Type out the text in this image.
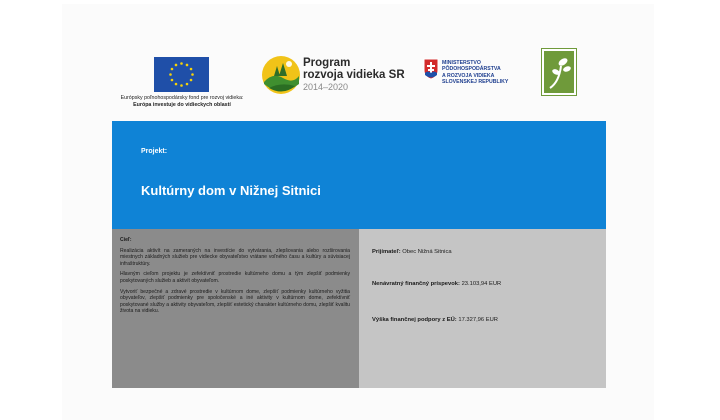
Európsky poľnohospodársky fond pre rozvoj vidieka:
Európa investuje do vidieckych oblastí
Program
rozvoja vidieka SR
2014–2020
MINISTERSTVO
PÔDOHOSPODÁRSTVA
A ROZVOJA VIDIEKA
SLOVENSKEJ REPUBLIKY
Projekt:
Kultúrny dom v Nižnej Sitnici
Cieľ:

Realizácia aktivít na zameraných na investície do vytvárania, zlepšovania alebo rozširovania miestnych základných služieb pre vidiecke obyvateľstvo vrátane voľného času a kultúry a súvisiacej infraštruktúry.

Hlavným cieľom projektu je zefektívniť prostredie kultúrneho domu a tým zlepšiť podmienky poskytovaných služieb a aktivít obyvateľom.

Vytvoriť bezpečné a zdravé prostredie v kultúrnom dome, zlepšiť podmienky kultúrneho vyžitia obyvateľov, zlepšiť podmienky pre spoločenské a iné aktivity v kultúrnom dome, zefektívniť poskytované služby a aktivity obyvateľom, zlepšiť estetický charakter kultúrneho domu, zlepšiť kvalitu života na vidieku.

Prijímateľ: Obec Nižná Sitnica
Nenávratný finančný príspevok: 23.103,94 EUR
Výška finančnej podpory z EÚ: 17.327,96 EUR
